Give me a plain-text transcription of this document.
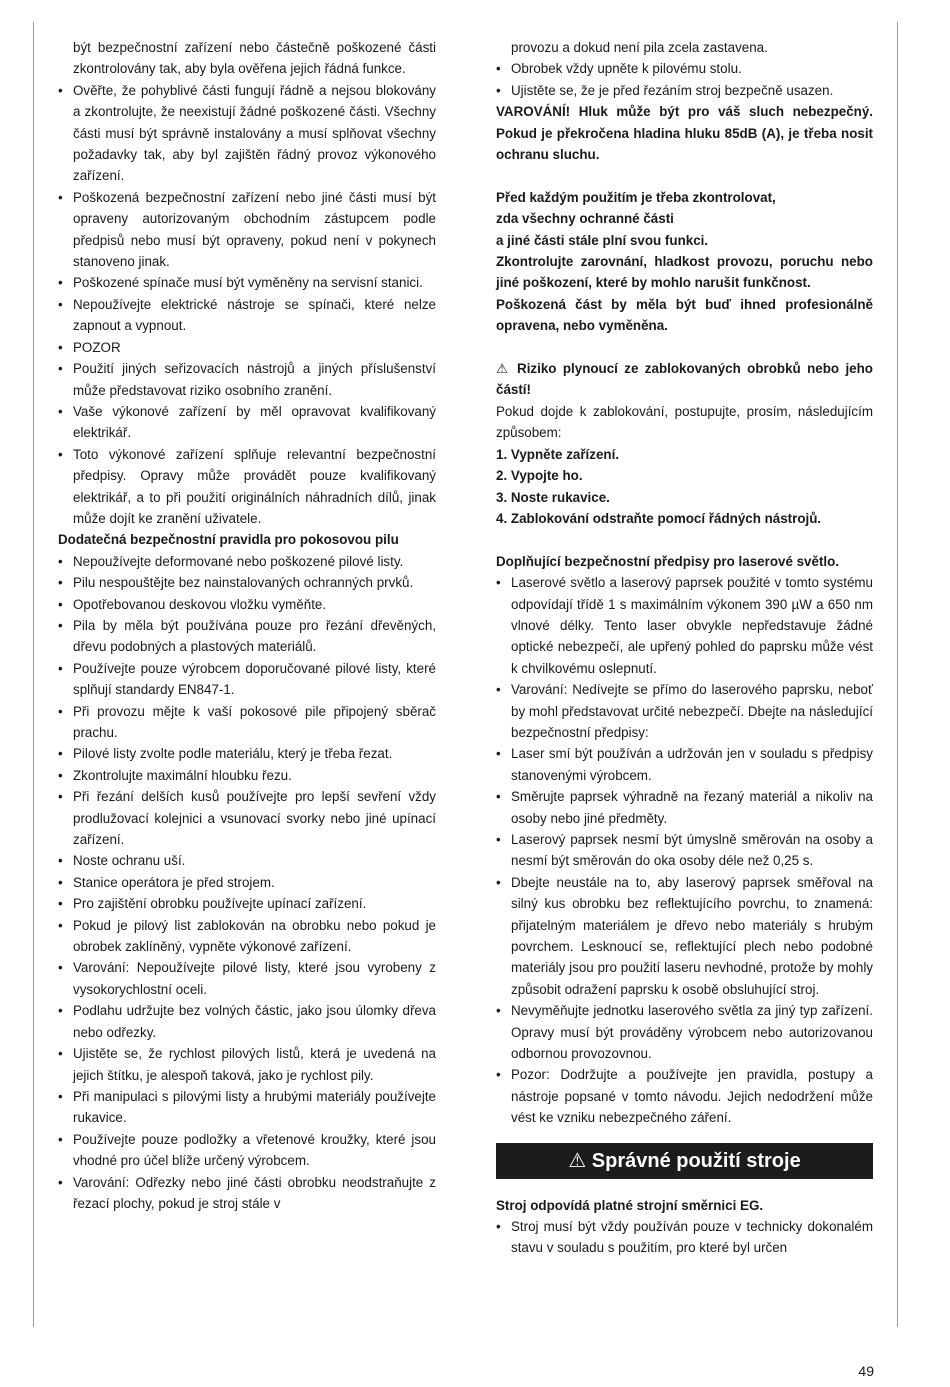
být bezpečnostní zařízení nebo částečně poškozené části zkontrolovány tak, aby byla ověřena jejich řádná funkce.
• Ověřte, že pohyblivé části fungují řádně a nejsou blokovány a zkontrolujte, že neexistují žádné poškozené části. Všechny části musí být správně instalovány a musí splňovat všechny požadavky tak, aby byl zajištěn řádný provoz výkonového zařízení.
• Poškozená bezpečnostní zařízení nebo jiné části musí být opraveny autorizovaným obchodním zástupcem podle předpisů nebo musí být opraveny, pokud není v pokynech stanoveno jinak.
• Poškozené spínače musí být vyměněny na servisní stanici.
• Nepoužívejte elektrické nástroje se spínači, které nelze zapnout a vypnout.
• POZOR
• Použití jiných seřizovacích nástrojů a jiných příslušenství může představovat riziko osobního zranění.
• Vaše výkonové zařízení by měl opravovat kvalifikovaný elektrikář.
• Toto výkonové zařízení splňuje relevantní bezpečnostní předpisy. Opravy může provádět pouze kvalifikovaný elektrikář, a to při použití originálních náhradních dílů, jinak může dojít ke zranění uživatele.

Dodatečná bezpečnostní pravidla pro pokosovou pilu

• Nepoužívejte deformované nebo poškozené pilové listy.
• Pilu nespouštějte bez nainstalovaných ochranných prvků.
• Opotřebovanou deskovou vložku vyměňte.
• Pila by měla být používána pouze pro řezání dřevěných, dřevu podobných a plastových materiálů.
• Používejte pouze výrobcem doporučované pilové listy, které splňují standardy EN847-1.
• Při provozu mějte k vaší pokosové pile připojený sběrač prachu.
• Pilové listy zvolte podle materiálu, který je třeba řezat.
• Zkontrolujte maximální hloubku řezu.
• Při řezání delších kusů používejte pro lepší sevření vždy prodlužovací kolejnici a vsunovací svorky nebo jiné upínací zařízení.
• Noste ochranu uší.
• Stanice operátora je před strojem.
• Pro zajištění obrobku používejte upínací zařízení.
• Pokud je pilový list zablokován na obrobku nebo pokud je obrobek zaklíněný, vypněte výkonové zařízení.
• Varování: Nepoužívejte pilové listy, které jsou vyrobeny z vysokorychlostní oceli.
• Podlahu udržujte bez volných částic, jako jsou úlomky dřeva nebo odřezky.
• Ujistěte se, že rychlost pilových listů, která je uvedená na jejich štítku, je alespoň taková, jako je rychlost pily.
• Při manipulaci s pilovými listy a hrubými materiály používejte rukavice.
• Používejte pouze podložky a vřetenové kroužky, které jsou vhodné pro účel blíže určený výrobcem.
• Varování: Odřezky nebo jiné části obrobku neodstraňujte z řezací plochy, pokud je stroj stále v
provozu a dokud není pila zcela zastavena.
• Obrobek vždy upněte k pilovému stolu.
• Ujistěte se, že je před řezáním stroj bezpečně usazen.

VAROVÁNÍ! Hluk může být pro váš sluch nebezpečný. Pokud je překročena hladina hluku 85dB (A), je třeba nosit ochranu sluchu.

Před každým použitím je třeba zkontrolovat,

zda všechny ochranné části

a jiné části stále plní svou funkci.

Zkontrolujte zarovnání, hladkost provozu, poruchu nebo jiné poškození, které by mohlo narušit funkčnost.

Poškozená část by měla být buď ihned profesionálně opravena, nebo vyměněna.

⚠ Riziko plynoucí ze zablokovaných obrobků nebo jeho částí!

Pokud dojde k zablokování, postupujte, prosím, následujícím způsobem:

1. Vypněte zařízení.

2. Vypojte ho.

3. Noste rukavice.

4. Zablokování odstraňte pomocí řádných nástrojů.

Doplňující bezpečnostní předpisy pro laserové světlo.

• Laserové světlo a laserový paprsek použité v tomto systému odpovídají třídě 1 s maximálním výkonem 390 µW a 650 nm vlnové délky. Tento laser obvykle nepředstavuje žádné optické nebezpečí, ale upřený pohled do paprsku může vést k chvilkovému oslepnutí.
• Varování: Nedívejte se přímo do laserového paprsku, neboť by mohl představovat určité nebezpečí. Dbejte na následující bezpečnostní předpisy:
• Laser smí být používán a udržován jen v souladu s předpisy stanovenými výrobcem.
• Směrujte paprsek výhradně na řezaný materiál a nikoliv na osoby nebo jiné předměty.
• Laserový paprsek nesmí být úmyslně směrován na osoby a nesmí být směrován do oka osoby déle než 0,25 s.
• Dbejte neustále na to, aby laserový paprsek směřoval na silný kus obrobku bez reflektujícího povrchu, to znamená: přijatelným materiálem je dřevo nebo materiály s hrubým povrchem. Lesknoucí se, reflektující plech nebo podobné materiály jsou pro použití laseru nevhodné, protože by mohly způsobit odražení paprsku k osobě obsluhující stroj.
• Nevyměňujte jednotku laserového světla za jiný typ zařízení. Opravy musí být prováděny výrobcem nebo autorizovanou odbornou provozovnou.
• Pozor: Dodržujte a používejte jen pravidla, postupy a nástroje popsané v tomto návodu. Jejich nedodržení může vést ke vzniku nebezpečného záření.
⚠ Správné použití stroje

Stroj odpovídá platné strojní směrnici EG.

• Stroj musí být vždy používán pouze v technicky dokonalém stavu v souladu s použitím, pro které byl určen
49
